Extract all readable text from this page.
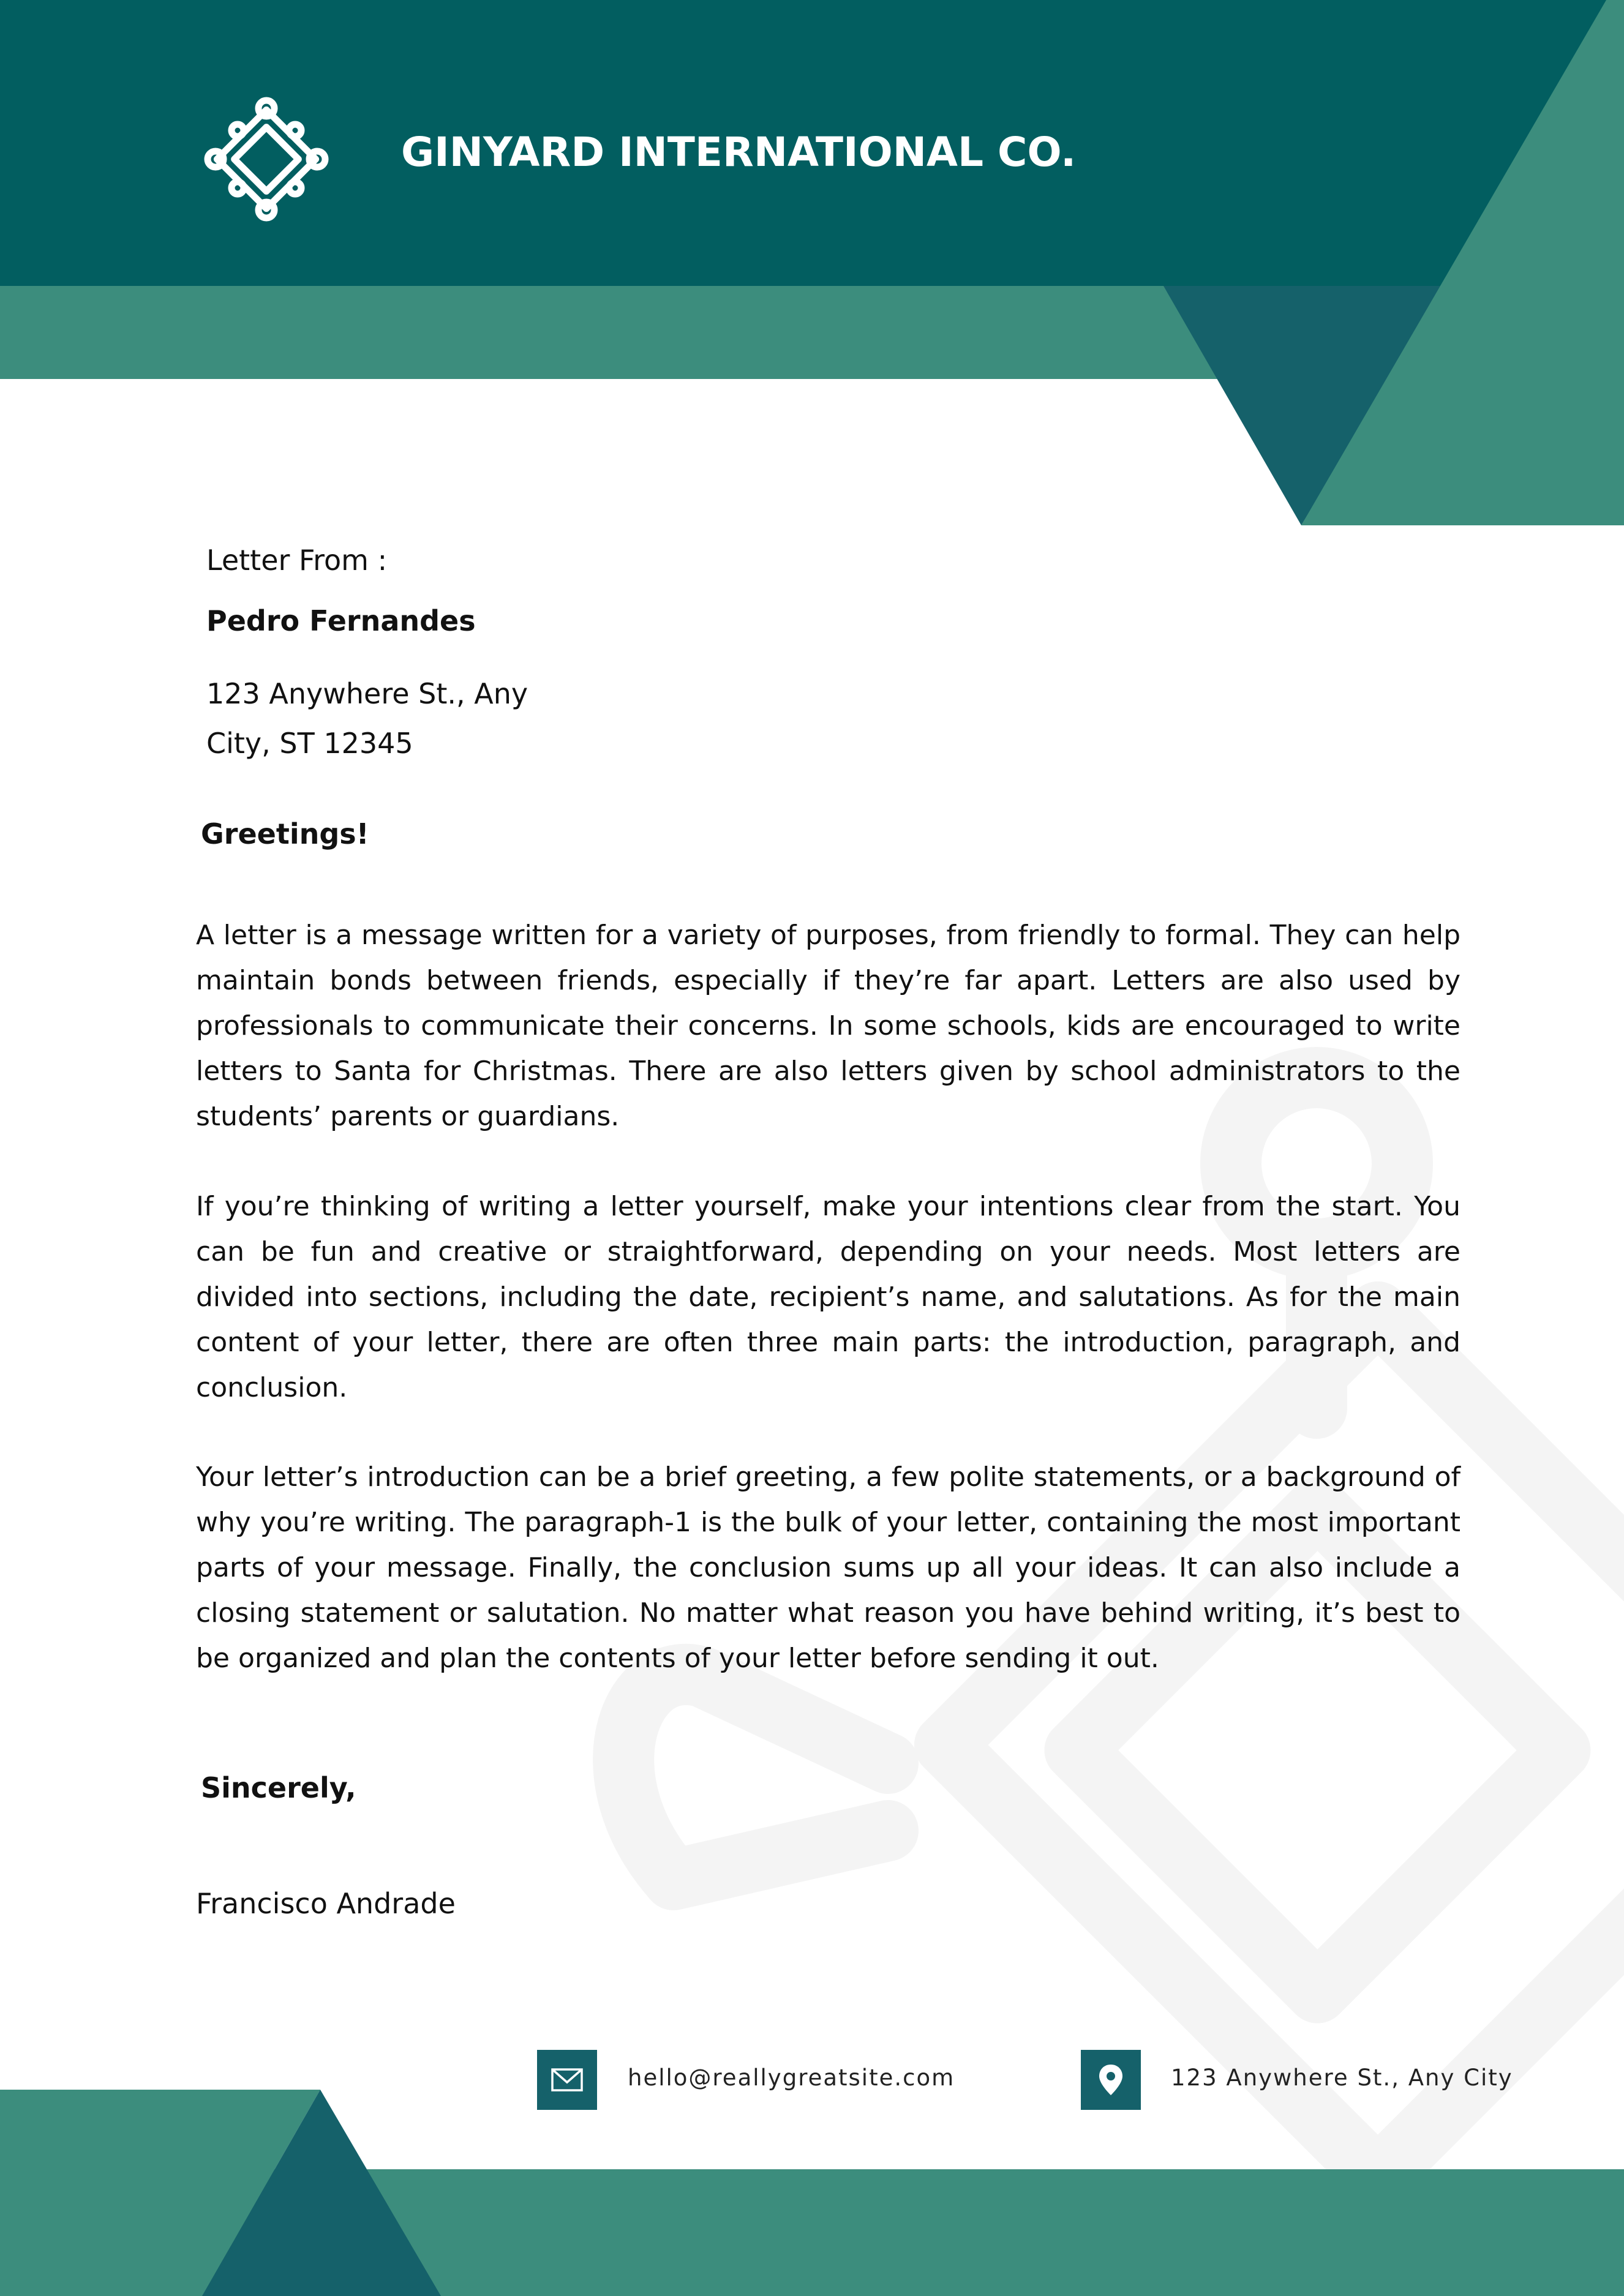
GINYARD INTERNATIONAL CO.
Letter From :
Pedro Fernandes
123 Anywhere St., Any
City, ST 12345
Greetings!

A letter is a message written for a variety of purposes, from friendly to formal. They can help maintain bonds between friends, especially if they’re far apart. Letters are also used by professionals to communicate their concerns. In some schools, kids are encouraged to write letters to Santa for Christmas. There are also letters given by school administrators to the students’ parents or guardians.

If you’re thinking of writing a letter yourself, make your intentions clear from the start. You can be fun and creative or straightforward, depending on your needs. Most letters are divided into sections, including the date, recipient’s name, and salutations. As for the main content of your letter, there are often three main parts: the introduction, paragraph, and conclusion.

Your letter’s introduction can be a brief greeting, a few polite statements, or a background of why you’re writing. The paragraph-1 is the bulk of your letter, containing the most important parts of your message. Finally, the conclusion sums up all your ideas. It can also include a closing statement or salutation. No matter what reason you have behind writing, it’s best to be organized and plan the contents of your letter before sending it out.

Sincerely,
Francisco Andrade
hello@reallygreatsite.com	123 Anywhere St., Any City
